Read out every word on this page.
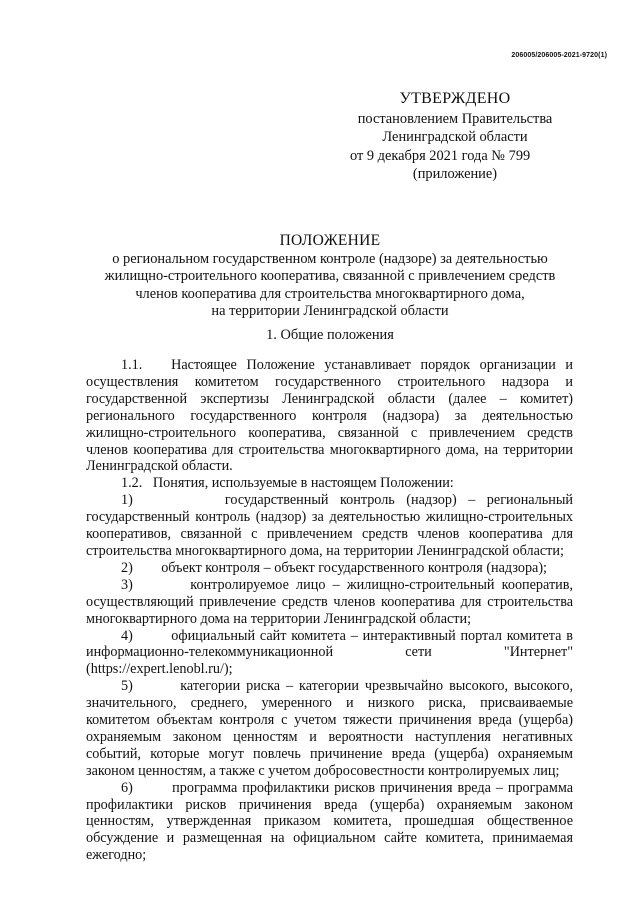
206005/206005-2021-9720(1)
УТВЕРЖДЕНО
постановлением Правительства
Ленинградской области
от 9 декабря 2021 года № 799
(приложение)
ПОЛОЖЕНИЕ
о региональном государственном контроле (надзоре) за деятельностью
жилищно-строительного кооператива, связанной с привлечением средств
членов кооператива для строительства многоквартирного дома,
на территории Ленинградской области
1. Общие положения

1.1.   Настоящее Положение устанавливает порядок организации и осуществления комитетом государственного строительного надзора и государственной экспертизы Ленинградской области (далее – комитет) регионального государственного контроля (надзора) за деятельностью жилищно-строительного кооператива, связанной с привлечением средств членов кооператива для строительства многоквартирного дома, на территории Ленинградской области.

1.2.   Понятия, используемые в настоящем Положении:

1)        государственный контроль (надзор) – региональный государственный контроль (надзор) за деятельностью жилищно-строительных кооперативов, связанной с привлечением средств членов кооператива для строительства многоквартирного дома, на территории Ленинградской области;

2)        объект контроля – объект государственного контроля (надзора);

3)        контролируемое лицо – жилищно-строительный кооператив, осуществляющий привлечение средств членов кооператива для строительства многоквартирного дома на территории Ленинградской области;

4)        официальный сайт комитета – интерактивный портал комитета в информационно-телекоммуникационной сети "Интернет" (https://expert.lenobl.ru/);

5)        категории риска – категории чрезвычайно высокого, высокого, значительного, среднего, умеренного и низкого риска, присваиваемые комитетом объектам контроля с учетом тяжести причинения вреда (ущерба) охраняемым законом ценностям и вероятности наступления негативных событий, которые могут повлечь причинение вреда (ущерба) охраняемым законом ценностям, а также с учетом добросовестности контролируемых лиц;

6)        программа профилактики рисков причинения вреда – программа профилактики рисков причинения вреда (ущерба) охраняемым законом ценностям, утвержденная приказом комитета, прошедшая общественное обсуждение и размещенная на официальном сайте комитета, принимаемая ежегодно;
